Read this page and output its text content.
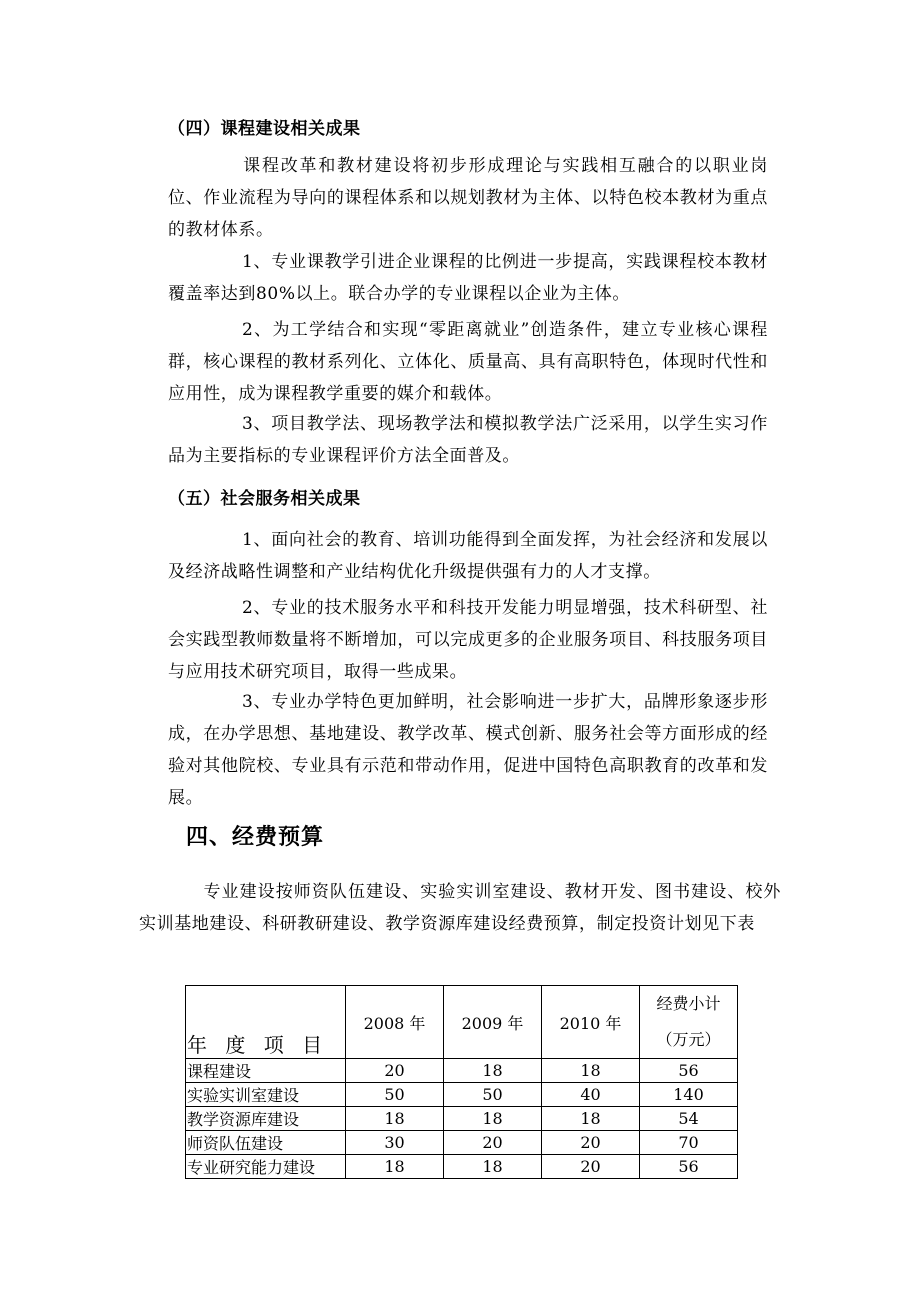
（四）课程建设相关成果
课程改革和教材建设将初步形成理论与实践相互融合的以职业岗位、作业流程为导向的课程体系和以规划教材为主体、以特色校本教材为重点的教材体系。
1、专业课教学引进企业课程的比例进一步提高，实践课程校本教材覆盖率达到80%以上。联合办学的专业课程以企业为主体。
2、为工学结合和实现“零距离就业”创造条件，建立专业核心课程群，核心课程的教材系列化、立体化、质量高、具有高职特色，体现时代性和应用性，成为课程教学重要的媒介和载体。
3、项目教学法、现场教学法和模拟教学法广泛采用，以学生实习作品为主要指标的专业课程评价方法全面普及。
（五）社会服务相关成果
1、面向社会的教育、培训功能得到全面发挥，为社会经济和发展以及经济战略性调整和产业结构优化升级提供强有力的人才支撑。
2、专业的技术服务水平和科技开发能力明显增强，技术科研型、社会实践型教师数量将不断增加，可以完成更多的企业服务项目、科技服务项目与应用技术研究项目，取得一些成果。
3、专业办学特色更加鲜明，社会影响进一步扩大，品牌形象逐步形成，在办学思想、基地建设、教学改革、模式创新、服务社会等方面形成的经验对其他院校、专业具有示范和带动作用，促进中国特色高职教育的改革和发展。
四、经费预算
专业建设按师资队伍建设、实验实训室建设、教材开发、图书建设、校外实训基地建设、科研教研建设、教学资源库建设经费预算，制定投资计划见下表
年 度 项 目	2008 年	2009 年	2010 年	经费小计
（万元）
课程建设	20	18	18	56
实验实训室建设	50	50	40	140
教学资源库建设	18	18	18	54
师资队伍建设	30	20	20	70
专业研究能力建设	18	18	20	56
